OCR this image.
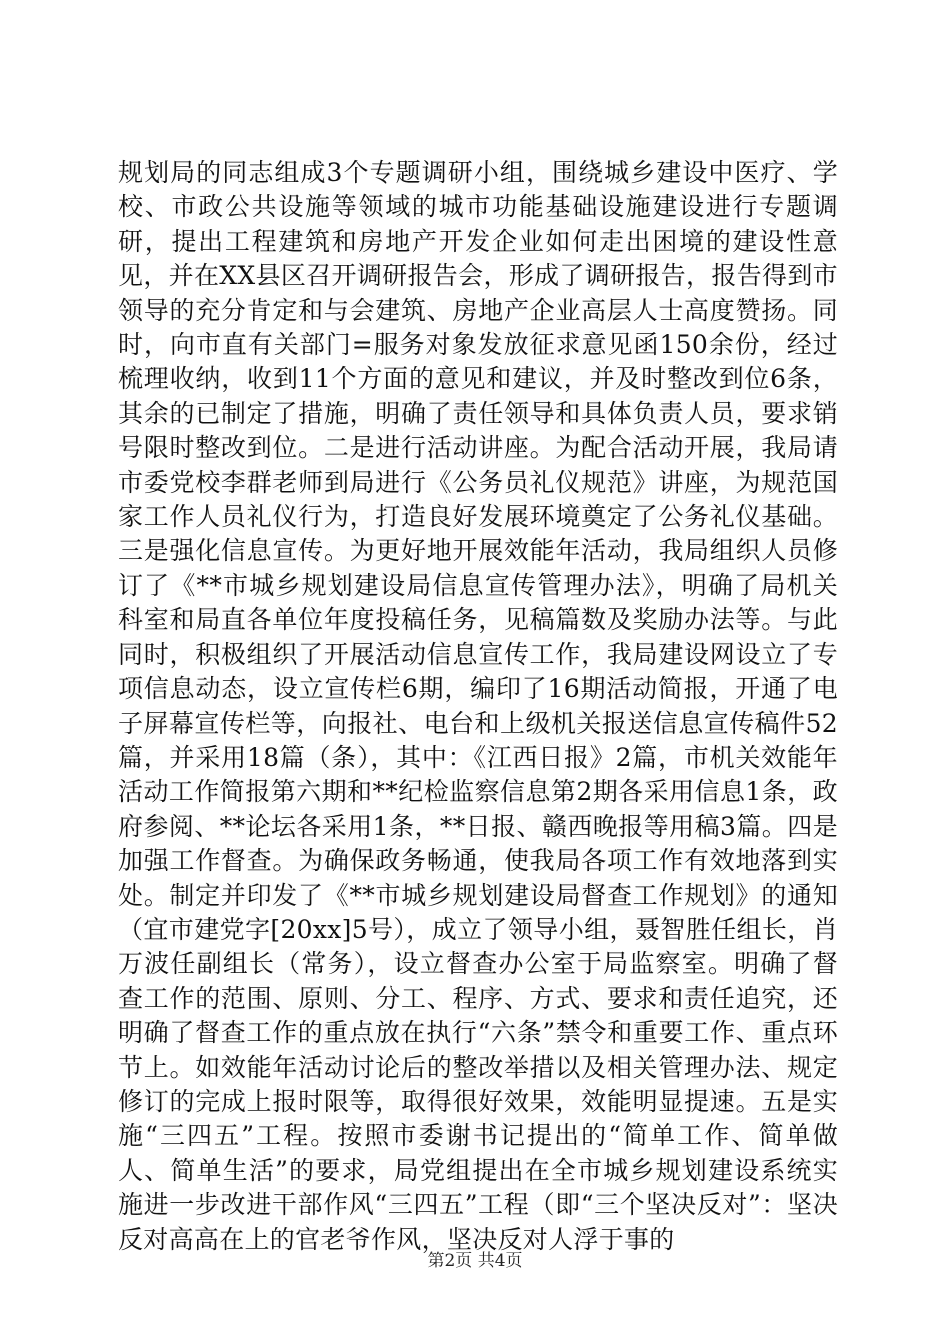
规划局的同志组成3个专题调研小组，围绕城乡建设中医疗、学校、市政公共设施等领域的城市功能基础设施建设进行专题调研，提出工程建筑和房地产开发企业如何走出困境的建设性意见，并在XX县区召开调研报告会，形成了调研报告，报告得到市领导的充分肯定和与会建筑、房地产企业高层人士高度赞扬。同时，向市直有关部门=服务对象发放征求意见函150余份，经过梳理收纳，收到11个方面的意见和建议，并及时整改到位6条，其余的已制定了措施，明确了责任领导和具体负责人员，要求销号限时整改到位。二是进行活动讲座。为配合活动开展，我局请市委党校李群老师到局进行《公务员礼仪规范》讲座，为规范国家工作人员礼仪行为，打造良好发展环境奠定了公务礼仪基础。三是强化信息宣传。为更好地开展效能年活动，我局组织人员修订了《**市城乡规划建设局信息宣传管理办法》，明确了局机关科室和局直各单位年度投稿任务，见稿篇数及奖励办法等。与此同时，积极组织了开展活动信息宣传工作，我局建设网设立了专项信息动态，设立宣传栏6期，编印了16期活动简报，开通了电子屏幕宣传栏等，向报社、电台和上级机关报送信息宣传稿件52篇，并采用18篇（条），其中：《江西日报》2篇，市机关效能年活动工作简报第六期和**纪检监察信息第2期各采用信息1条，政府参阅、**论坛各采用1条，**日报、赣西晚报等用稿3篇。四是加强工作督查。为确保政务畅通，使我局各项工作有效地落到实处。制定并印发了《**市城乡规划建设局督查工作规划》的通知（宜市建党字[20xx]5号），成立了领导小组，聂智胜任组长，肖万波任副组长（常务），设立督查办公室于局监察室。明确了督查工作的范围、原则、分工、程序、方式、要求和责任追究，还明确了督查工作的重点放在执行“六条”禁令和重要工作、重点环节上。如效能年活动讨论后的整改举措以及相关管理办法、规定修订的完成上报时限等，取得很好效果，效能明显提速。五是实施“三四五”工程。按照市委谢书记提出的“简单工作、简单做人、简单生活”的要求，局党组提出在全市城乡规划建设系统实施进一步改进干部作风“三四五”工程（即“三个坚决反对”：坚决反对高高在上的官老爷作风，坚决反对人浮于事的

第2页 共4页
